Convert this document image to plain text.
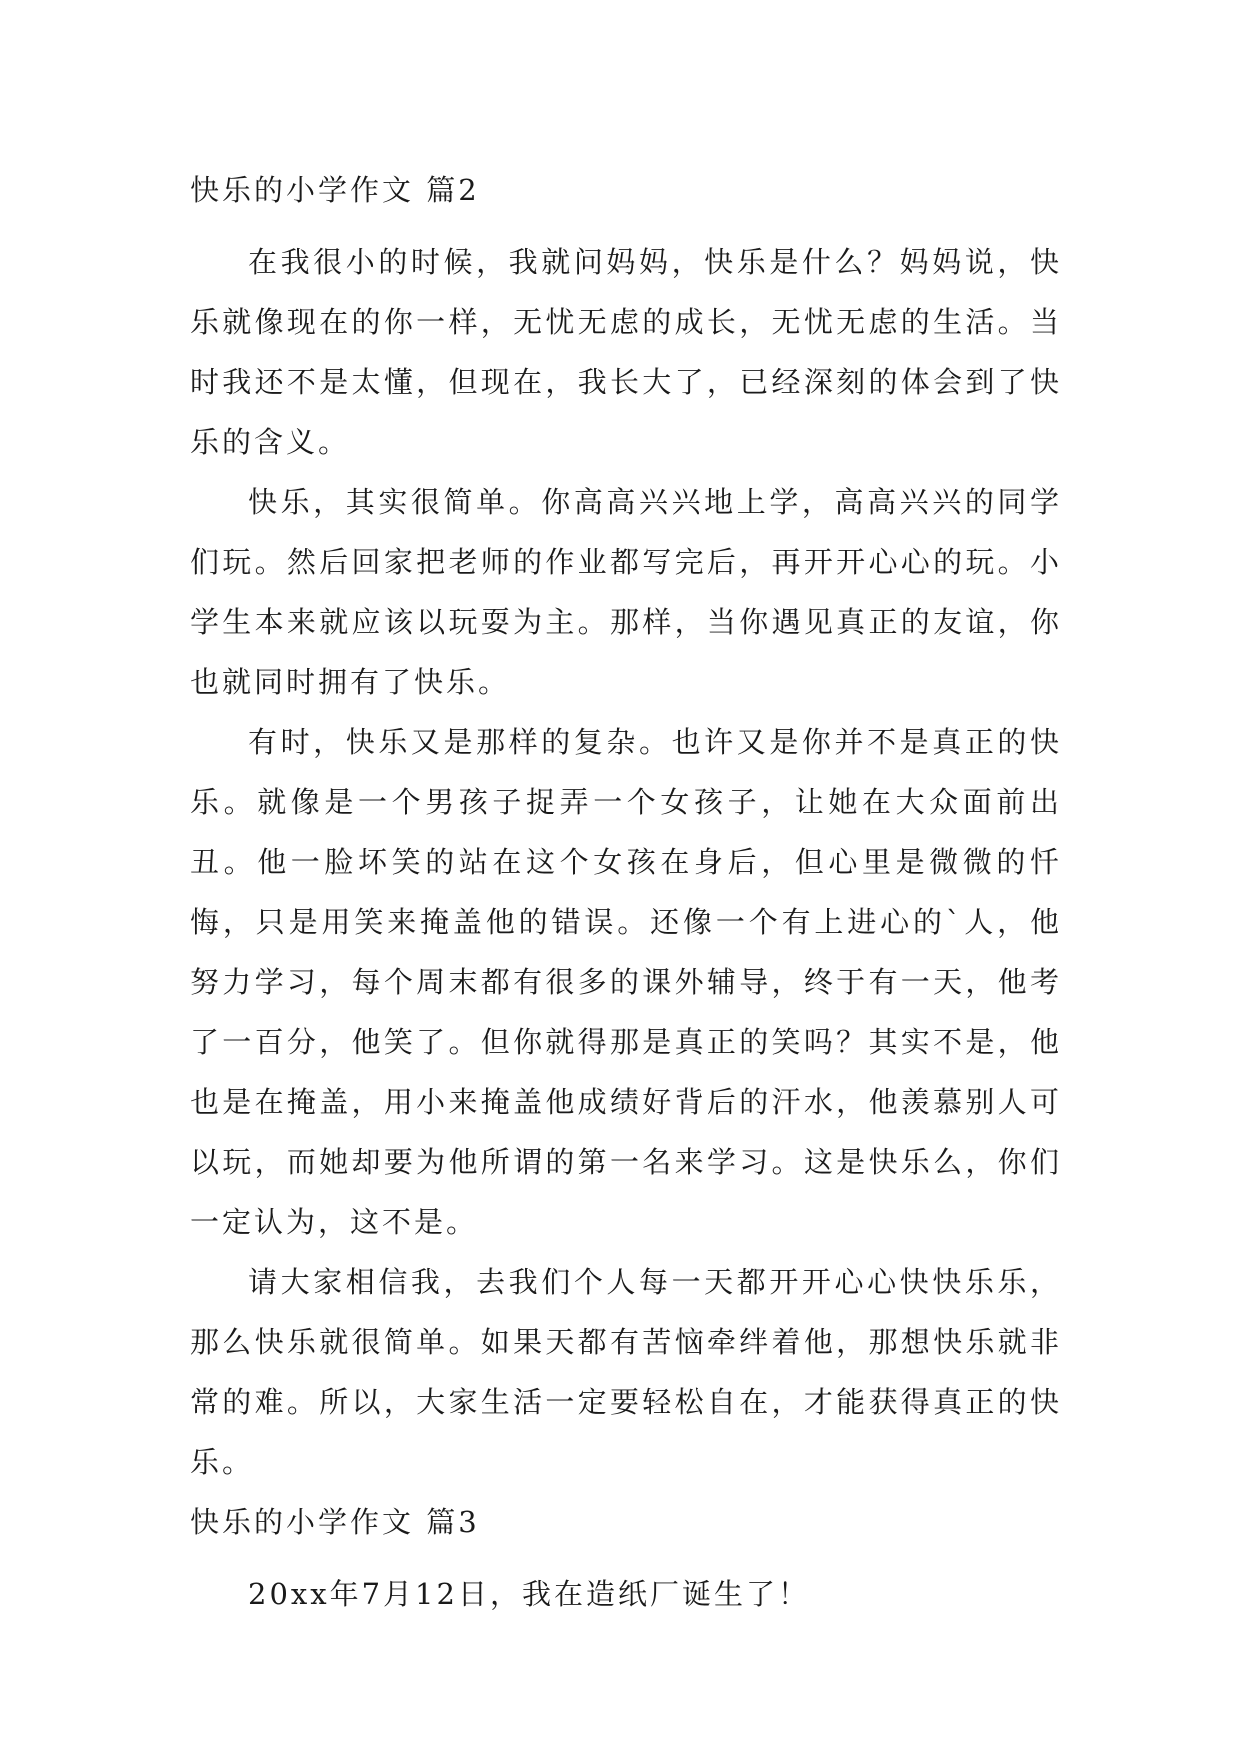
快乐的小学作文 篇2

在我很小的时候，我就问妈妈，快乐是什么？妈妈说，快乐就像现在的你一样，无忧无虑的成长，无忧无虑的生活。当时我还不是太懂，但现在，我长大了，已经深刻的体会到了快乐的含义。

快乐，其实很简单。你高高兴兴地上学，高高兴兴的同学们玩。然后回家把老师的作业都写完后，再开开心心的玩。小学生本来就应该以玩耍为主。那样，当你遇见真正的友谊，你也就同时拥有了快乐。

有时，快乐又是那样的复杂。也许又是你并不是真正的快乐。就像是一个男孩子捉弄一个女孩子，让她在大众面前出丑。他一脸坏笑的站在这个女孩在身后，但心里是微微的忏悔，只是用笑来掩盖他的错误。还像一个有上进心的`人，他努力学习，每个周末都有很多的课外辅导，终于有一天，他考了一百分，他笑了。但你就得那是真正的笑吗？其实不是，他也是在掩盖，用小来掩盖他成绩好背后的汗水，他羡慕别人可以玩，而她却要为他所谓的第一名来学习。这是快乐么，你们一定认为，这不是。

请大家相信我，去我们个人每一天都开开心心快快乐乐，那么快乐就很简单。如果天都有苦恼牵绊着他，那想快乐就非常的难。所以，大家生活一定要轻松自在，才能获得真正的快乐。

快乐的小学作文 篇3

20xx年7月12日，我在造纸厂诞生了！
